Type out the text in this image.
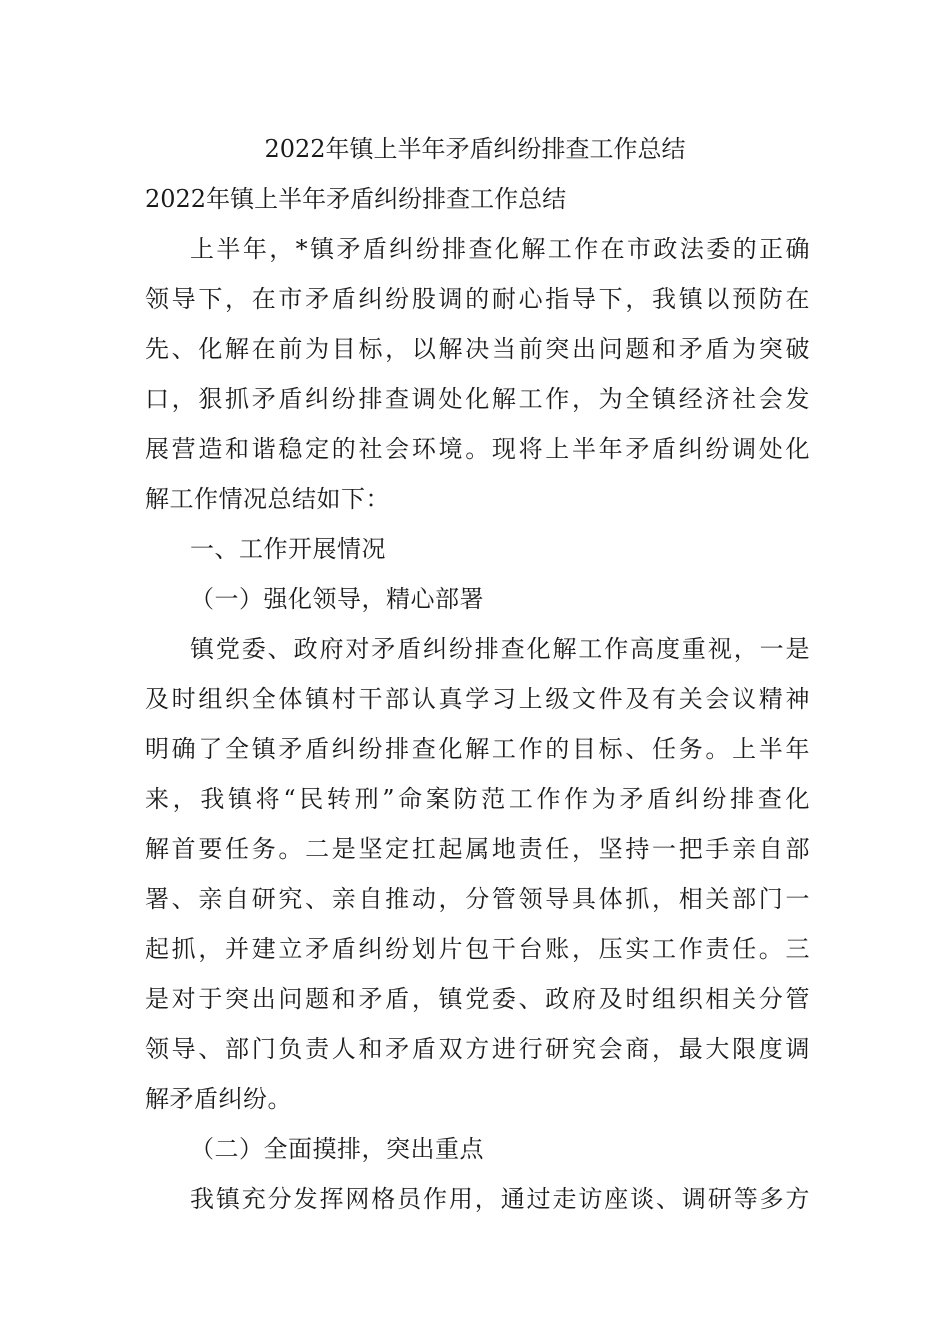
2022年镇上半年矛盾纠纷排查工作总结
2022年镇上半年矛盾纠纷排查工作总结
上半年，*镇矛盾纠纷排查化解工作在市政法委的正确
领导下，在市矛盾纠纷股调的耐心指导下，我镇以预防在
先、化解在前为目标，以解决当前突出问题和矛盾为突破
口，狠抓矛盾纠纷排查调处化解工作，为全镇经济社会发
展营造和谐稳定的社会环境。现将上半年矛盾纠纷调处化
解工作情况总结如下：
一、工作开展情况
（一）强化领导，精心部署
镇党委、政府对矛盾纠纷排查化解工作高度重视，一是
及时组织全体镇村干部认真学习上级文件及有关会议精神
明确了全镇矛盾纠纷排查化解工作的目标、任务。上半年
来，我镇将“民转刑”命案防范工作作为矛盾纠纷排查化
解首要任务。二是坚定扛起属地责任，坚持一把手亲自部
署、亲自研究、亲自推动，分管领导具体抓，相关部门一
起抓，并建立矛盾纠纷划片包干台账，压实工作责任。三
是对于突出问题和矛盾，镇党委、政府及时组织相关分管
领导、部门负责人和矛盾双方进行研究会商，最大限度调
解矛盾纠纷。
（二）全面摸排，突出重点
我镇充分发挥网格员作用，通过走访座谈、调研等多方
